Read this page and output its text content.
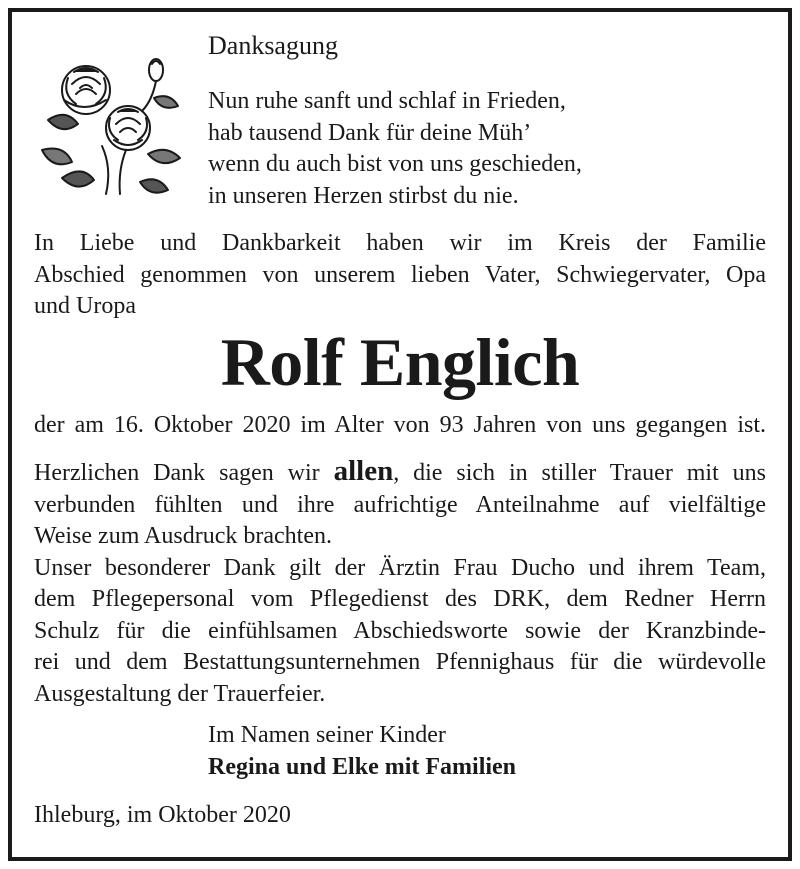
Danksagung
Nun ruhe sanft und schlaf in Frieden,
hab tausend Dank für deine Müh’
wenn du auch bist von uns geschieden,
in unseren Herzen stirbst du nie.
In Liebe und Dankbarkeit haben wir im Kreis der Familie
Abschied genommen von unserem lieben Vater, Schwiegervater, Opa
und Uropa
Rolf Englich
der am 16. Oktober 2020 im Alter von 93 Jahren von uns gegangen ist.
Herzlichen Dank sagen wir allen, die sich in stiller Trauer mit uns
verbunden fühlten und ihre aufrichtige Anteilnahme auf vielfältige
Weise zum Ausdruck brachten.
Unser besonderer Dank gilt der Ärztin Frau Ducho und ihrem Team,
dem Pflegepersonal vom Pflegedienst des DRK, dem Redner Herrn
Schulz für die einfühlsamen Abschiedsworte sowie der Kranzbinde-
rei und dem Bestattungsunternehmen Pfennighaus für die würdevolle
Ausgestaltung der Trauerfeier.
Im Namen seiner Kinder
Regina und Elke mit Familien
Ihleburg, im Oktober 2020
